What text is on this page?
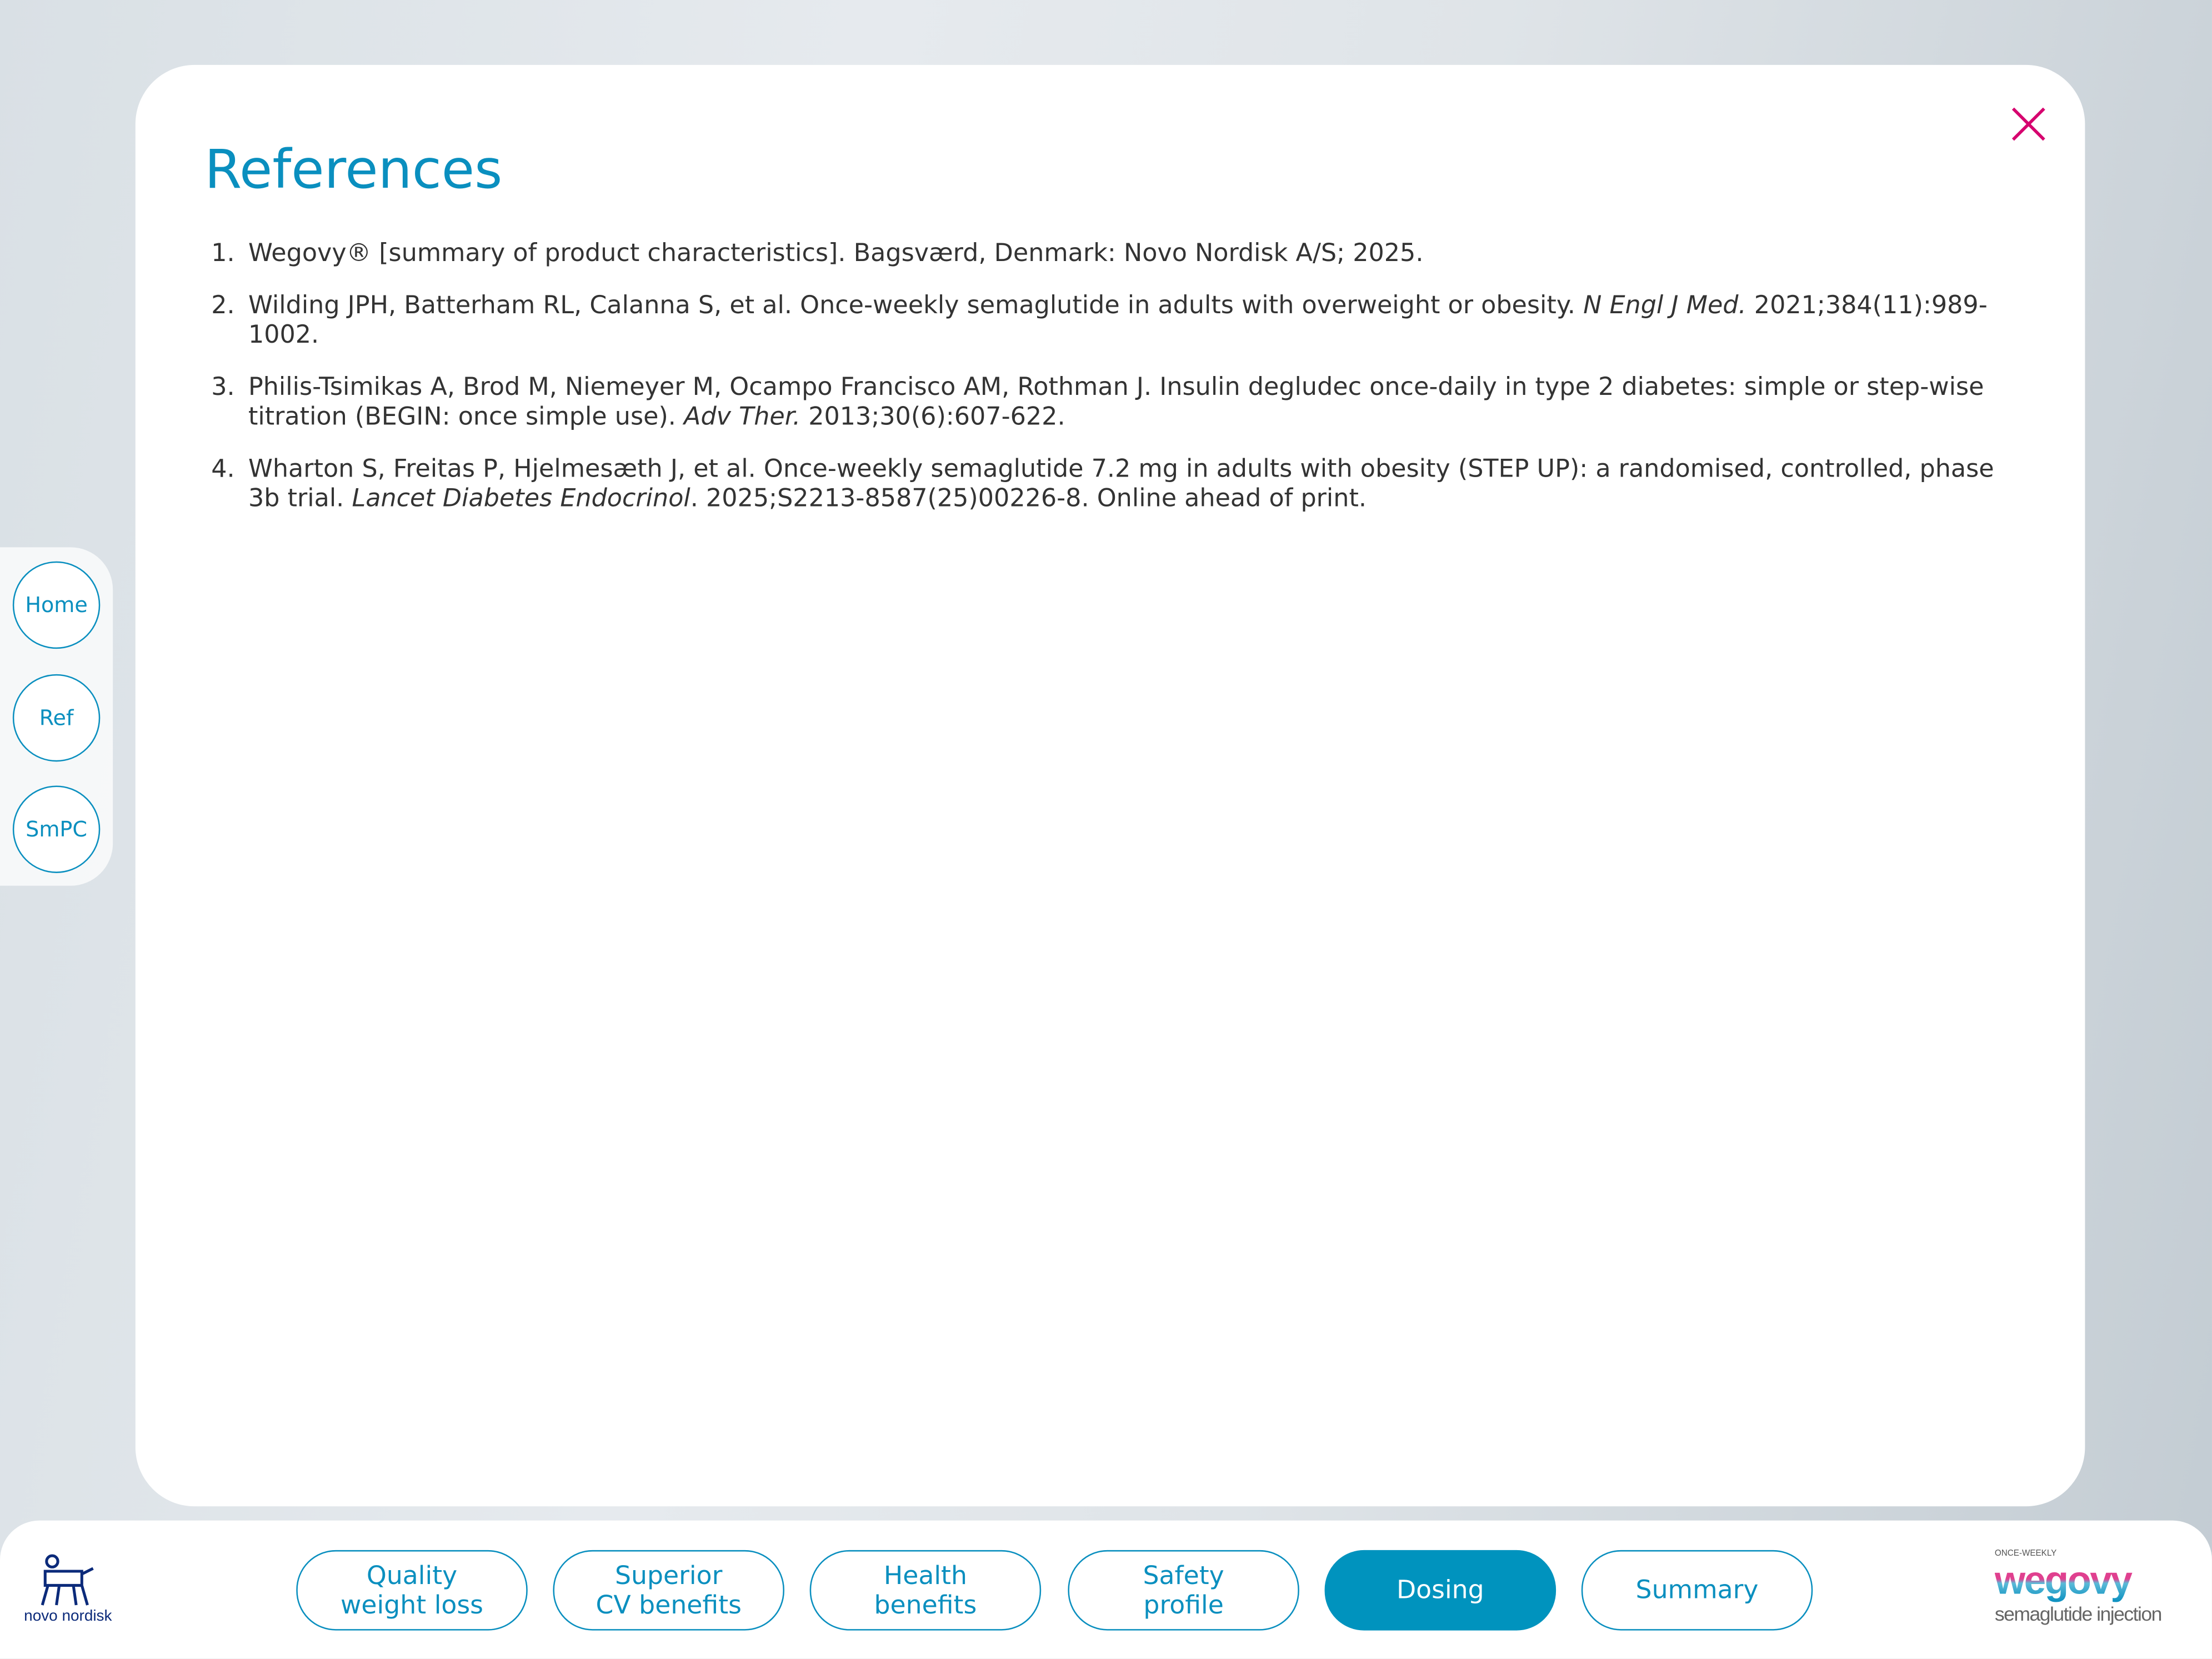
References
1. Wegovy® [summary of product characteristics]. Bagsværd, Denmark: Novo Nordisk A/S; 2025.
2. Wilding JPH, Batterham RL, Calanna S, et al. Once-weekly semaglutide in adults with overweight or obesity. N Engl J Med. 2021;384(11):989-1002.
3. Philis-Tsimikas A, Brod M, Niemeyer M, Ocampo Francisco AM, Rothman J. Insulin degludec once-daily in type 2 diabetes: simple or step-wise titration (BEGIN: once simple use). Adv Ther. 2013;30(6):607-622.
4. Wharton S, Freitas P, Hjelmesæth J, et al. Once-weekly semaglutide 7.2 mg in adults with obesity (STEP UP): a randomised, controlled, phase 3b trial. Lancet Diabetes Endocrinol. 2025;S2213-8587(25)00226-8. Online ahead of print.
Home
Ref
SmPC
novo nordisk
Quality
weight loss
Superior
CV benefits
Health
benefits
Safety
profile	Dosing	Summary
ONCE-WEEKLY
wegovy
semaglutide injection
